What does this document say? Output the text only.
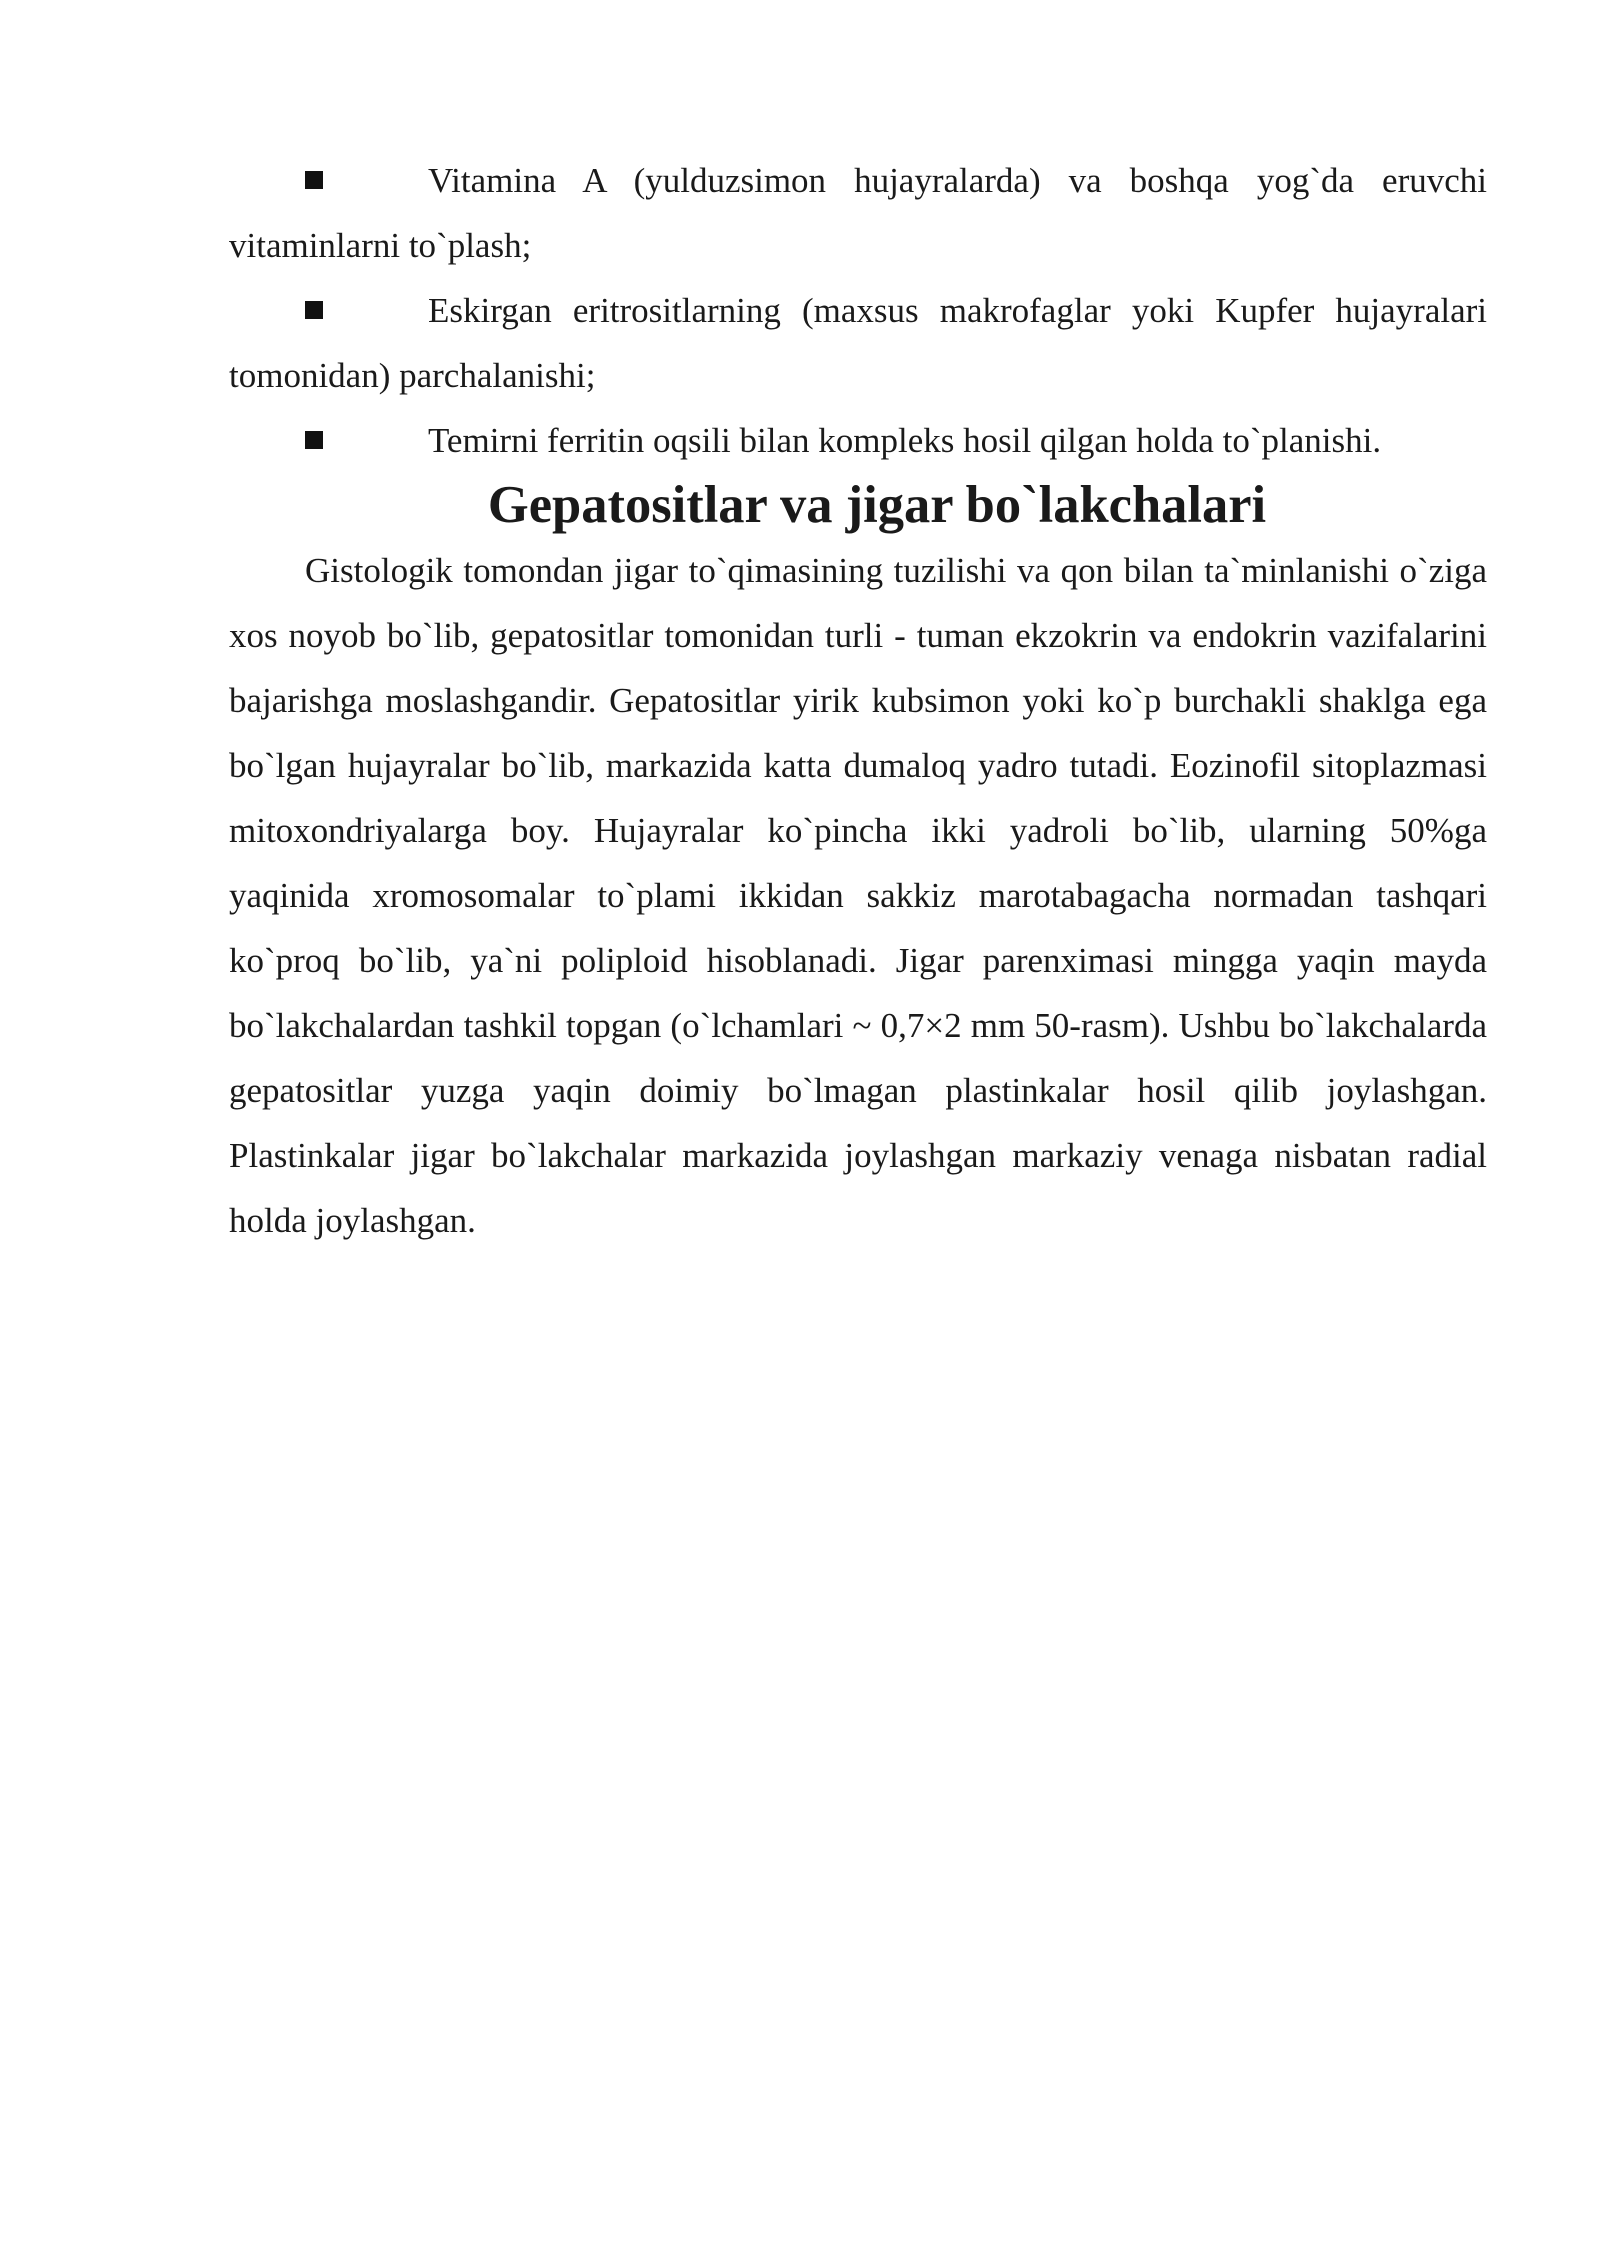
Vitamina A (yulduzsimon hujayralarda) va boshqa yog`da eruvchi vitaminlarni to`plash;

Eskirgan eritrositlarning (maxsus makrofaglar yoki Kupfer hujayralari tomonidan) parchalanishi;

Temirni ferritin oqsili bilan kompleks hosil qilgan holda to`planishi.

Gepatositlar va jigar bo`lakchalari

Gistologik tomondan jigar to`qimasining tuzilishi va qon bilan ta`minlanishi o`ziga xos noyob bo`lib, gepatositlar tomonidan turli - tuman ekzokrin va endokrin vazifalarini bajarishga moslashgandir. Gepatositlar yirik kubsimon yoki ko`p burchakli shaklga ega bo`lgan hujayralar bo`lib, markazida katta dumaloq yadro tutadi. Eozinofil sitoplazmasi mitoxondriyalarga boy. Hujayralar ko`pincha ikki yadroli bo`lib, ularning 50%ga yaqinida xromosomalar to`plami ikkidan sakkiz marotabagacha normadan tashqari ko`proq bo`lib, ya`ni poliploid hisoblanadi. Jigar parenximasi mingga yaqin mayda bo`lakchalardan tashkil topgan (o`lchamlari ~ 0,7×2 mm 50-rasm). Ushbu bo`lakchalarda gepatositlar yuzga yaqin doimiy bo`lmagan plastinkalar hosil qilib joylashgan. Plastinkalar jigar bo`lakchalar markazida joylashgan markaziy venaga nisbatan radial holda joylashgan.
